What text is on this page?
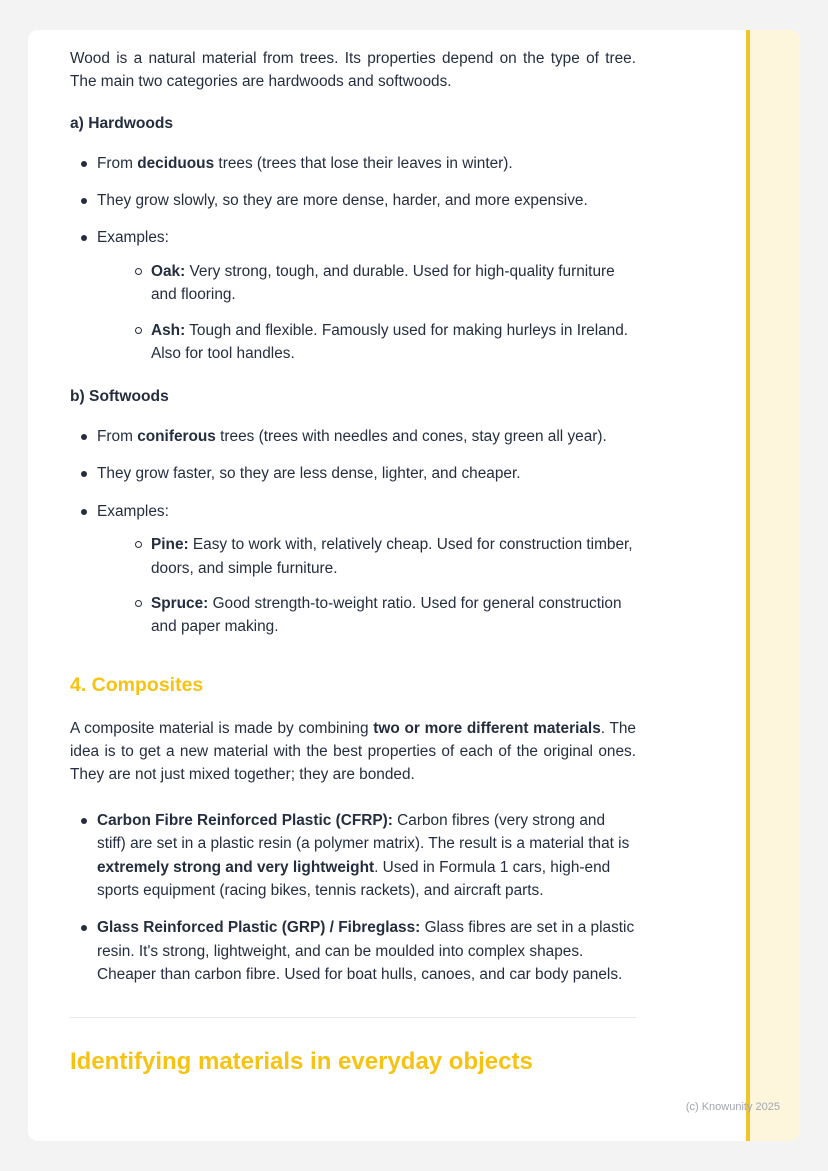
Wood is a natural material from trees. Its properties depend on the type of tree. The main two categories are hardwoods and softwoods.

a) Hardwoods
From deciduous trees (trees that lose their leaves in winter).
They grow slowly, so they are more dense, harder, and more expensive.
Examples:
Oak: Very strong, tough, and durable. Used for high-quality furniture and flooring.
Ash: Tough and flexible. Famously used for making hurleys in Ireland. Also for tool handles.
b) Softwoods
From coniferous trees (trees with needles and cones, stay green all year).
They grow faster, so they are less dense, lighter, and cheaper.
Examples:
Pine: Easy to work with, relatively cheap. Used for construction timber, doors, and simple furniture.
Spruce: Good strength-to-weight ratio. Used for general construction and paper making.
4. Composites

A composite material is made by combining two or more different materials. The idea is to get a new material with the best properties of each of the original ones. They are not just mixed together; they are bonded.

Carbon Fibre Reinforced Plastic (CFRP): Carbon fibres (very strong and stiff) are set in a plastic resin (a polymer matrix). The result is a material that is extremely strong and very lightweight. Used in Formula 1 cars, high-end sports equipment (racing bikes, tennis rackets), and aircraft parts.
Glass Reinforced Plastic (GRP) / Fibreglass: Glass fibres are set in a plastic resin. It's strong, lightweight, and can be moulded into complex shapes. Cheaper than carbon fibre. Used for boat hulls, canoes, and car body panels.
Identifying materials in everyday objects
(c) Knowunity 2025
